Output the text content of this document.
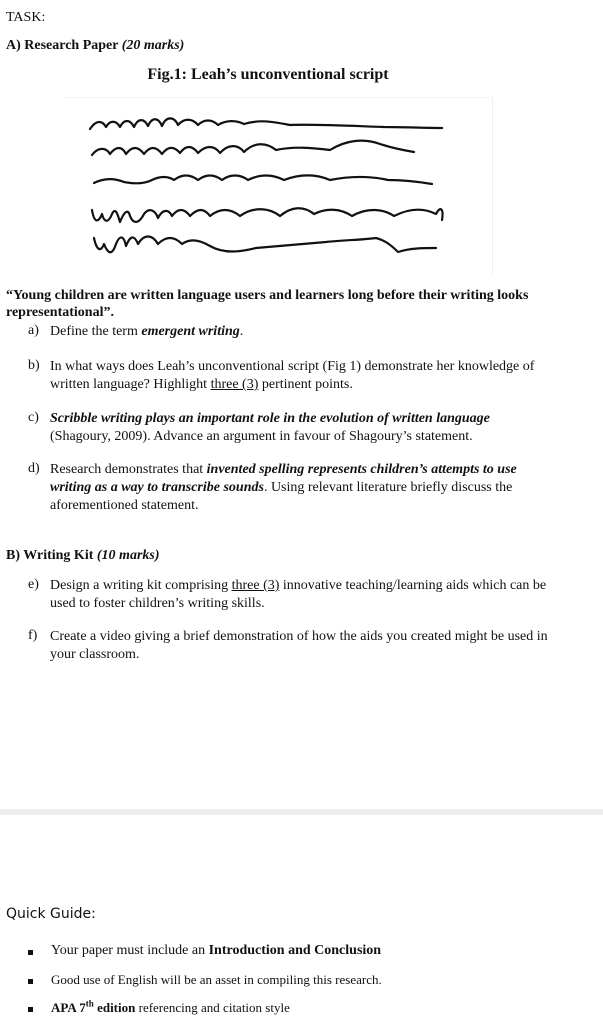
TASK:
A) Research Paper (20 marks)
Fig.1: Leah’s unconventional script
“Young children are written language users and learners long before their writing looks
representational”.
a) Define the term emergent writing.
b) In what ways does Leah’s unconventional script (Fig 1) demonstrate her knowledge of
written language? Highlight three (3) pertinent points.
c) Scribble writing plays an important role in the evolution of written language
(Shagoury, 2009). Advance an argument in favour of Shagoury’s statement.
d) Research demonstrates that invented spelling represents children’s attempts to use
writing as a way to transcribe sounds. Using relevant literature briefly discuss the
aforementioned statement.
B) Writing Kit (10 marks)
e) Design a writing kit comprising three (3) innovative teaching/learning aids which can be
used to foster children’s writing skills.
f) Create a video giving a brief demonstration of how the aids you created might be used in
your classroom.
Quick Guide:
Your paper must include an Introduction and Conclusion
Good use of English will be an asset in compiling this research.
APA 7th edition referencing and citation style
